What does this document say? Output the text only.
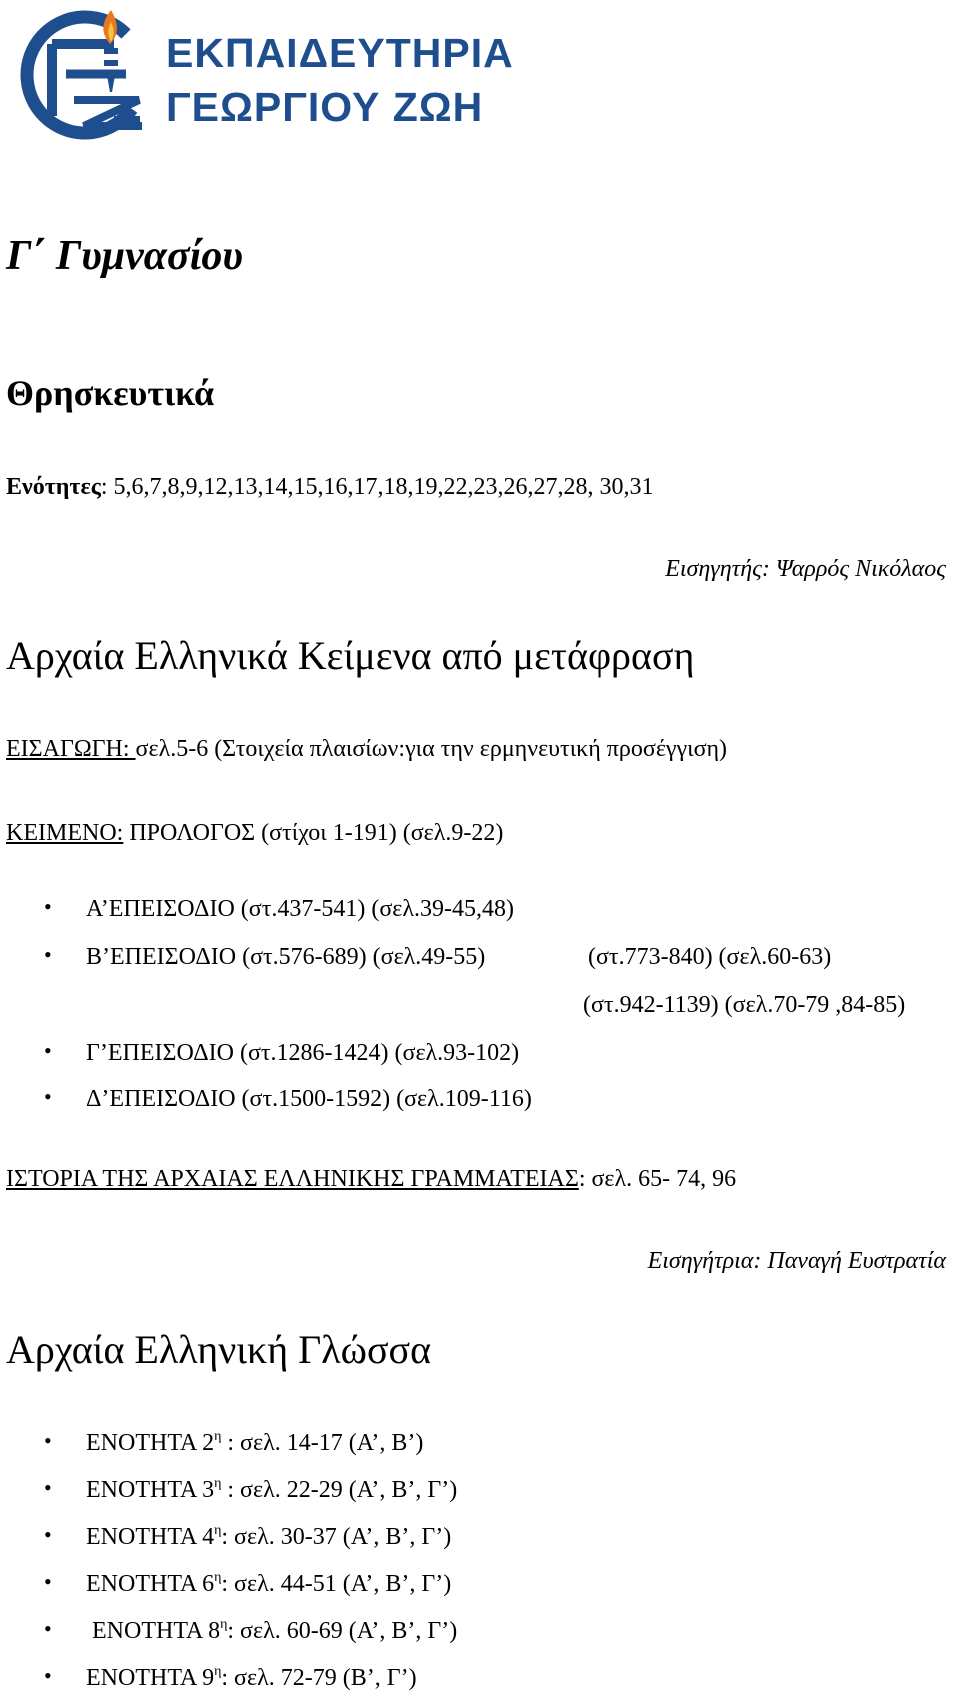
ΕΚΠΑΙΔΕΥΤΗΡΙΑ
ΓΕΩΡΓΙΟΥ ΖΩΗ
Γ΄ Γυμνασίου
Θρησκευτικά
Ενότητες: 5,6,7,8,9,12,13,14,15,16,17,18,19,22,23,26,27,28, 30,31
Εισηγητής: Ψαρρός Νικόλαος
Αρχαία Ελληνικά Κείμενα από μετάφραση
ΕΙΣΑΓΩΓΗ: σελ.5-6 (Στοιχεία πλαισίων:για την ερμηνευτική προσέγγιση)
ΚΕΙΜΕΝΟ: ΠΡΟΛΟΓΟΣ (στίχοι 1-191) (σελ.9-22)
• Α’ΕΠΕΙΣΟΔΙΟ (στ.437-541) (σελ.39-45,48)
• Β’ΕΠΕΙΣΟΔΙΟ (στ.576-689) (σελ.49-55)	(στ.773-840) (σελ.60-63)
(στ.942-1139) (σελ.70-79 ,84-85)
• Γ’ΕΠΕΙΣΟΔΙΟ (στ.1286-1424) (σελ.93-102)
• Δ’ΕΠΕΙΣΟΔΙΟ (στ.1500-1592) (σελ.109-116)
ΙΣΤΟΡΙΑ ΤΗΣ ΑΡΧΑΙΑΣ ΕΛΛΗΝΙΚΗΣ ΓΡΑΜΜΑΤΕΙΑΣ: σελ. 65- 74, 96
Εισηγήτρια: Παναγή Ευστρατία
Αρχαία Ελληνική Γλώσσα
• ΕΝΟΤΗΤΑ $2^\eta$ : σελ. 14-17 (Α’, Β’)
• ΕΝΟΤΗΤΑ $3^\eta$ : σελ. 22-29 (Α’, Β’, Γ’)
• ΕΝΟΤΗΤΑ $4^\eta$: σελ. 30-37 (Α’, Β’, Γ’)
• ΕΝΟΤΗΤΑ $6^\eta$: σελ. 44-51 (Α’, Β’, Γ’)
•  ΕΝΟΤΗΤΑ $8^\eta$: σελ. 60-69 (Α’, Β’, Γ’)
• ΕΝΟΤΗΤΑ $9^\eta$: σελ. 72-79 (Β’, Γ’)
